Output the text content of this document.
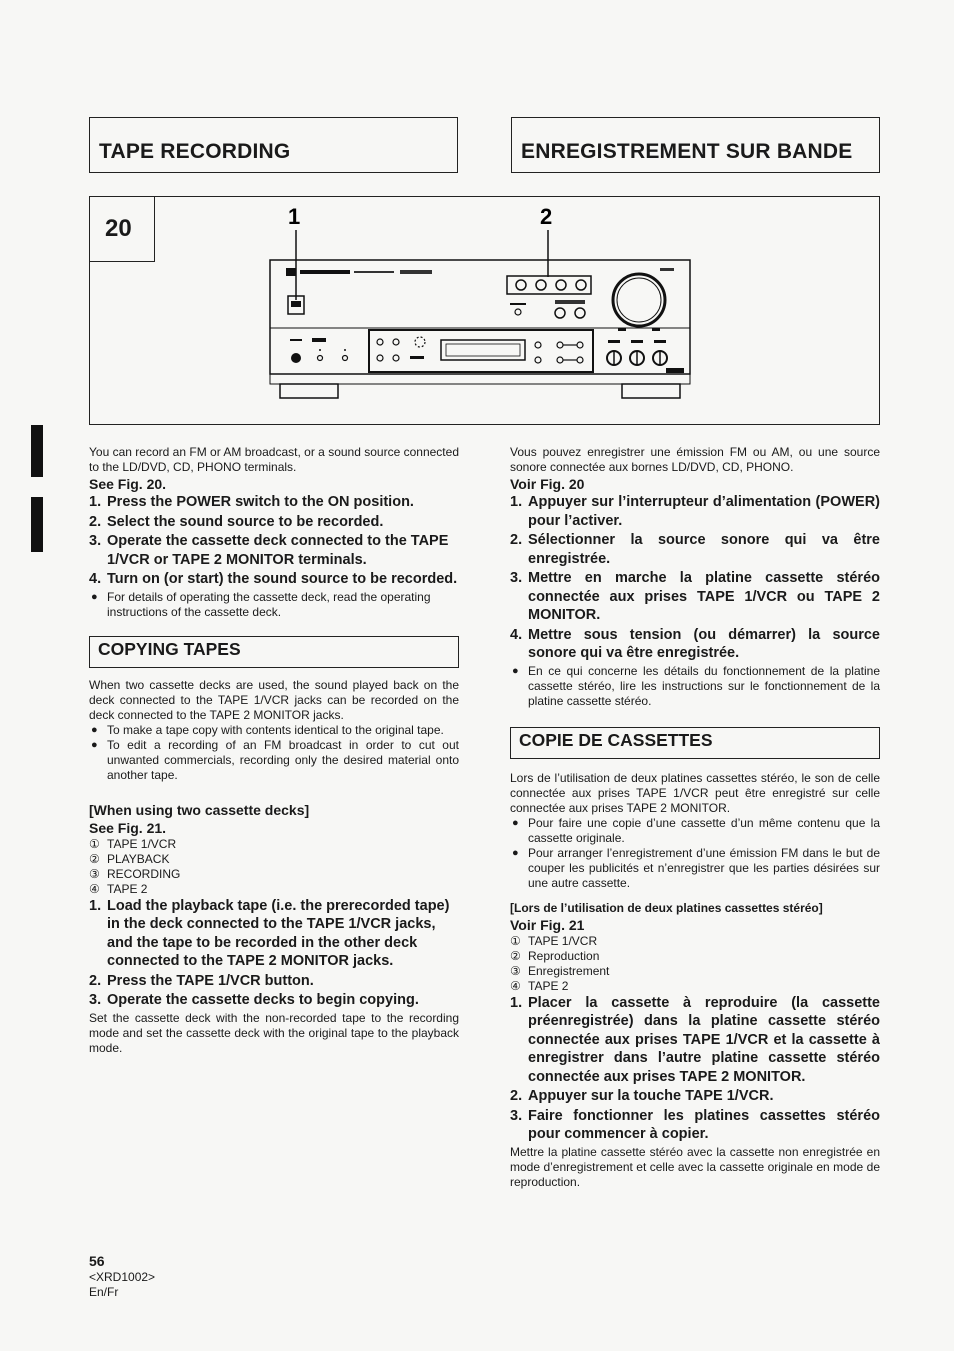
TAPE RECORDING	ENREGISTREMENT SUR BANDE
20	1	2

You can record an FM or AM broadcast, or a sound source connected to the LD/DVD, CD, PHONO terminals.

See Fig. 20.

1. Press the POWER switch to the ON position.
2. Select the sound source to be recorded.
3. Operate the cassette deck connected to the TAPE 1/VCR or TAPE 2 MONITOR terminals.
4. Turn on (or start) the sound source to be recorded.
● For details of operating the cassette deck, read the operating instructions of the cassette deck.
COPYING TAPES

When two cassette decks are used, the sound played back on the deck connected to the TAPE 1/VCR jacks can be recorded on the deck connected to the TAPE 2 MONITOR jacks.

● To make a tape copy with contents identical to the original tape.
● To edit a recording of an FM broadcast in order to cut out unwanted commercials, recording only the desired material onto another tape.

[When using two cassette decks]

See Fig. 21.

① TAPE 1/VCR
② PLAYBACK
③ RECORDING
④ TAPE 2
1. Load the playback tape (i.e. the prerecorded tape) in the deck connected to the TAPE 1/VCR jacks, and the tape to be recorded in the other deck connected to the TAPE 2 MONITOR jacks.
2. Press the TAPE 1/VCR button.
3. Operate the cassette decks to begin copying.

Set the cassette deck with the non-recorded tape to the recording mode and set the cassette deck with the original tape to the playback mode.

Vous pouvez enregistrer une émission FM ou AM, ou une source sonore connectée aux bornes LD/DVD, CD, PHONO.

Voir Fig. 20

1. Appuyer sur l’interrupteur d’alimentation (POWER) pour l’activer.
2. Sélectionner la source sonore qui va être enregistrée.
3. Mettre en marche la platine cassette stéréo connectée aux prises TAPE 1/VCR ou TAPE 2 MONITOR.
4. Mettre sous tension (ou démarrer) la source sonore qui va être enregistrée.
● En ce qui concerne les détails du fonctionnement de la platine cassette stéréo, lire les instructions sur le fonctionnement de la platine cassette stéréo.
COPIE DE CASSETTES

Lors de l’utilisation de deux platines cassettes stéréo, le son de celle connectée aux prises TAPE 1/VCR peut être enregistré sur celle connectée aux prises TAPE 2 MONITOR.

● Pour faire une copie d’une cassette d’un même contenu que la cassette originale.
● Pour arranger l’enregistrement d’une émission FM dans le but de couper les publicités et n’enregistrer que les parties désirées sur une autre cassette.

[Lors de l’utilisation de deux platines cassettes stéréo]

Voir Fig. 21

① TAPE 1/VCR
② Reproduction
③ Enregistrement
④ TAPE 2
1. Placer la cassette à reproduire (la cassette préenregistrée) dans la platine cassette stéréo connectée aux prises TAPE 1/VCR et la cassette à enregistrer dans l’autre platine cassette stéréo connectée aux prises TAPE 2 MONITOR.
2. Appuyer sur la touche TAPE 1/VCR.
3. Faire fonctionner les platines cassettes stéréo pour commencer à copier.

Mettre la platine cassette stéréo avec la cassette non enregistrée en mode d’enregistrement et celle avec la cassette originale en mode de reproduction.

56
<XRD1002>
En/Fr
